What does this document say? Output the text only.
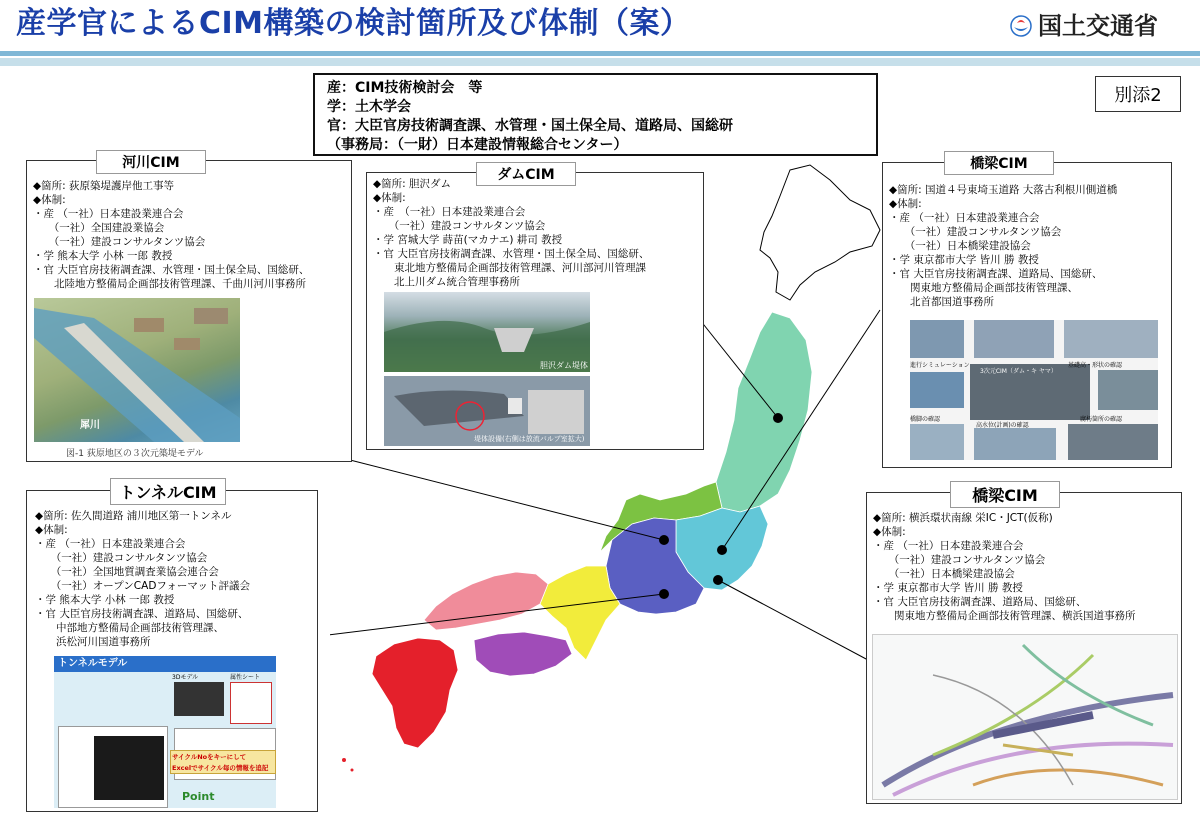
産学官によるCIM構築の検討箇所及び体制（案）	国土交通省
産：CIM技術検討会　等
学：土木学会
官：大臣官房技術調査課、水管理・国土保全局、道路局、国総研
（事務局：（一財）日本建設情報総合センター）
別添2
◆箇所: 荻原築堤護岸他工事等
◆体制:
・産 （一社）日本建設業連合会
　　（一社）全国建設業協会
　　（一社）建設コンサルタンツ協会
・学 熊本大学 小林 一郎 教授
・官 大臣官房技術調査課、水管理・国土保全局、国総研、
　　北陸地方整備局企画部技術管理課、千曲川河川事務所
河川CIM
犀川
図-1 荻原地区の３次元築堤モデル
◆箇所: 胆沢ダム
◆体制:
・産　（一社）日本建設業連合会
　　（一社）建設コンサルタンツ協会
・学 宮城大学 蒔苗(マカナエ) 耕司 教授
・官 大臣官房技術調査課、水管理・国土保全局、国総研、
　　東北地方整備局企画部技術管理課、河川部河川管理課
　　北上川ダム統合管理事務所
ダムCIM
胆沢ダム堤体
堤体設備(右側は放流バルブ室拡大)
◆箇所: 国道４号東埼玉道路 大落古利根川側道橋
◆体制:
・産 （一社）日本建設業連合会
　　（一社）建設コンサルタンツ協会
　　（一社）日本橋梁建設協会
・学 東京都市大学 皆川 勝 教授
・官 大臣官房技術調査課、道路局、国総研、
　　関東地方整備局企画部技術管理課、
　　北首都国道事務所
橋梁CIM
進行シミュレーション
3次元CIM（ダム・キ ヤマ）
基礎高・形状の確認
橋脚の確認
高水位(計画)の確認
腐朽箇所の確認
◆箇所: 佐久間道路 浦川地区第一トンネル
◆体制:
・産 （一社）日本建設業連合会
　　（一社）建設コンサルタンツ協会
　　（一社）全国地質調査業協会連合会
　　（一社）オープンCADフォーマット評議会
・学 熊本大学 小林 一郎 教授
・官 大臣官房技術調査課、道路局、国総研、
　　中部地方整備局企画部技術管理課、
　　浜松河川国道事務所
トンネルCIM
トンネルモデル
3Dモデル	属性シート
サイクルNoをキーにして
Excelでサイクル毎の情報を追記
Point
◆箇所: 横浜環状南線 栄IC・JCT(仮称)
◆体制:
・産 （一社）日本建設業連合会
　　（一社）建設コンサルタンツ協会
　　（一社）日本橋梁建設協会
・学 東京都市大学 皆川 勝 教授
・官 大臣官房技術調査課、道路局、国総研、
　　関東地方整備局企画部技術管理課、横浜国道事務所
橋梁CIM
